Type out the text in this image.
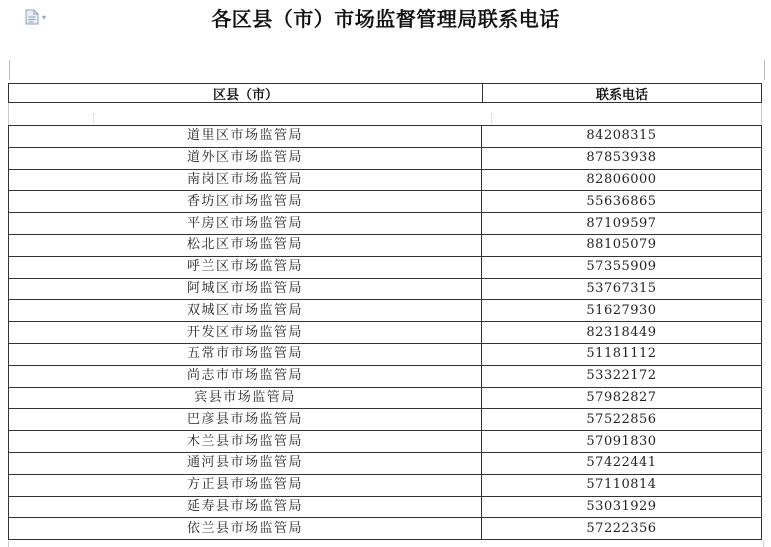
▾	各区县（市）市场监督管理局联系电话
区县（市）	联系电话
道里区市场监管局	84208315
道外区市场监管局	87853938
南岗区市场监管局	82806000
香坊区市场监管局	55636865
平房区市场监管局	87109597
松北区市场监管局	88105079
呼兰区市场监管局	57355909
阿城区市场监管局	53767315
双城区市场监管局	51627930
开发区市场监管局	82318449
五常市市场监管局	51181112
尚志市市场监管局	53322172
宾县市场监管局	57982827
巴彦县市场监管局	57522856
木兰县市场监管局	57091830
通河县市场监管局	57422441
方正县市场监管局	57110814
延寿县市场监管局	53031929
依兰县市场监管局	57222356
